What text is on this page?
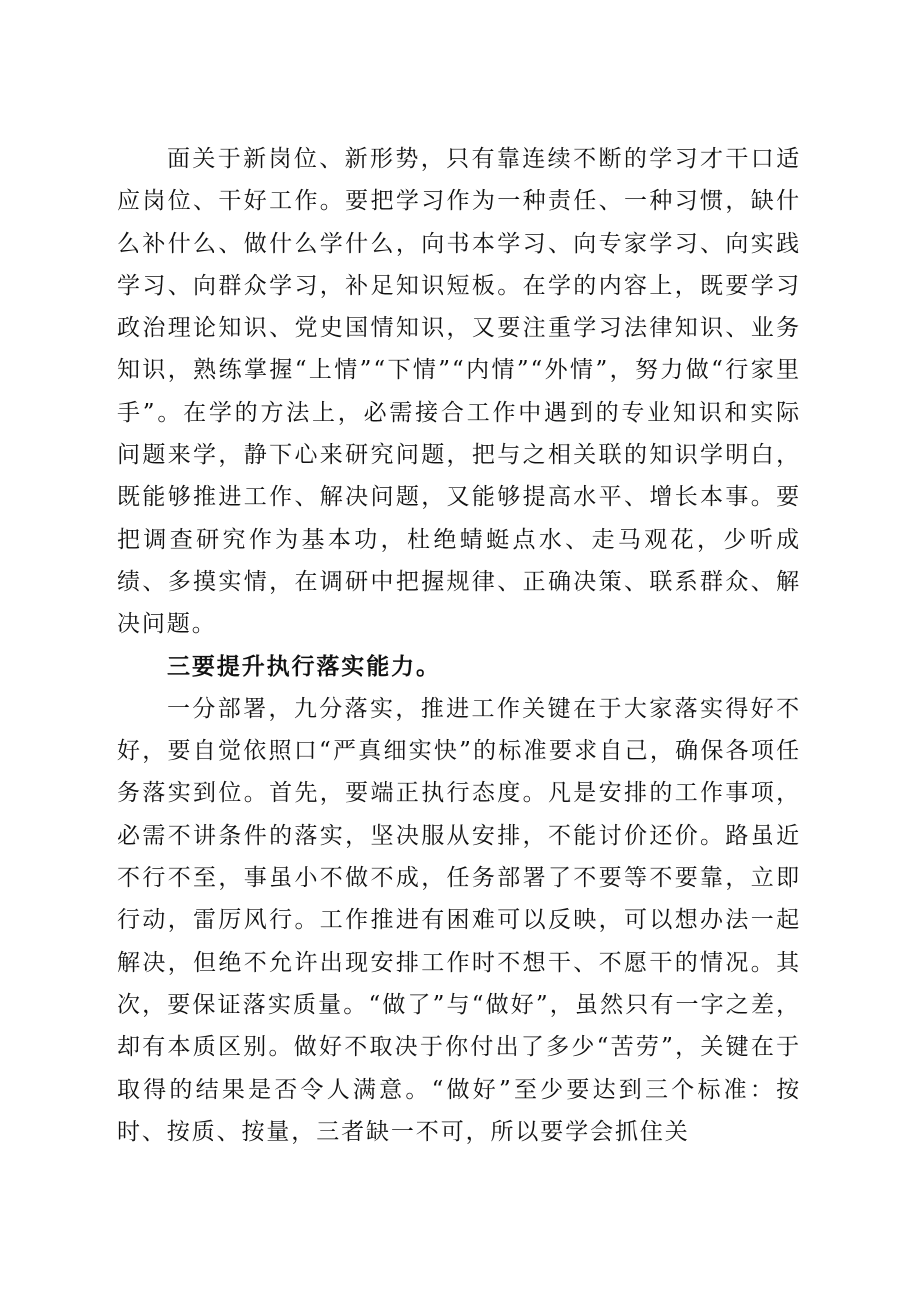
面关于新岗位、新形势，只有靠连续不断的学习才干口适应岗位、干好工作。要把学习作为一种责任、一种习惯，缺什么补什么、做什么学什么，向书本学习、向专家学习、向实践学习、向群众学习，补足知识短板。在学的内容上，既要学习政治理论知识、党史国情知识，又要注重学习法律知识、业务知识，熟练掌握“上情”“下情”“内情”“外情”，努力做“行家里手”。在学的方法上，必需接合工作中遇到的专业知识和实际问题来学，静下心来研究问题，把与之相关联的知识学明白，既能够推进工作、解决问题，又能够提高水平、增长本事。要把调查研究作为基本功，杜绝蜻蜓点水、走马观花，少听成绩、多摸实情，在调研中把握规律、正确决策、联系群众、解决问题。

三要提升执行落实能力。

一分部署，九分落实，推进工作关键在于大家落实得好不好，要自觉依照口“严真细实快”的标准要求自己，确保各项任务落实到位。首先，要端正执行态度。凡是安排的工作事项，必需不讲条件的落实，坚决服从安排，不能讨价还价。路虽近不行不至，事虽小不做不成，任务部署了不要等不要靠，立即行动，雷厉风行。工作推进有困难可以反映，可以想办法一起解决，但绝不允许出现安排工作时不想干、不愿干的情况。其次，要保证落实质量。“做了”与“做好”，虽然只有一字之差，却有本质区别。做好不取决于你付出了多少“苦劳”，关键在于取得的结果是否令人满意。“做好”至少要达到三个标准：按时、按质、按量，三者缺一不可，所以要学会抓住关
